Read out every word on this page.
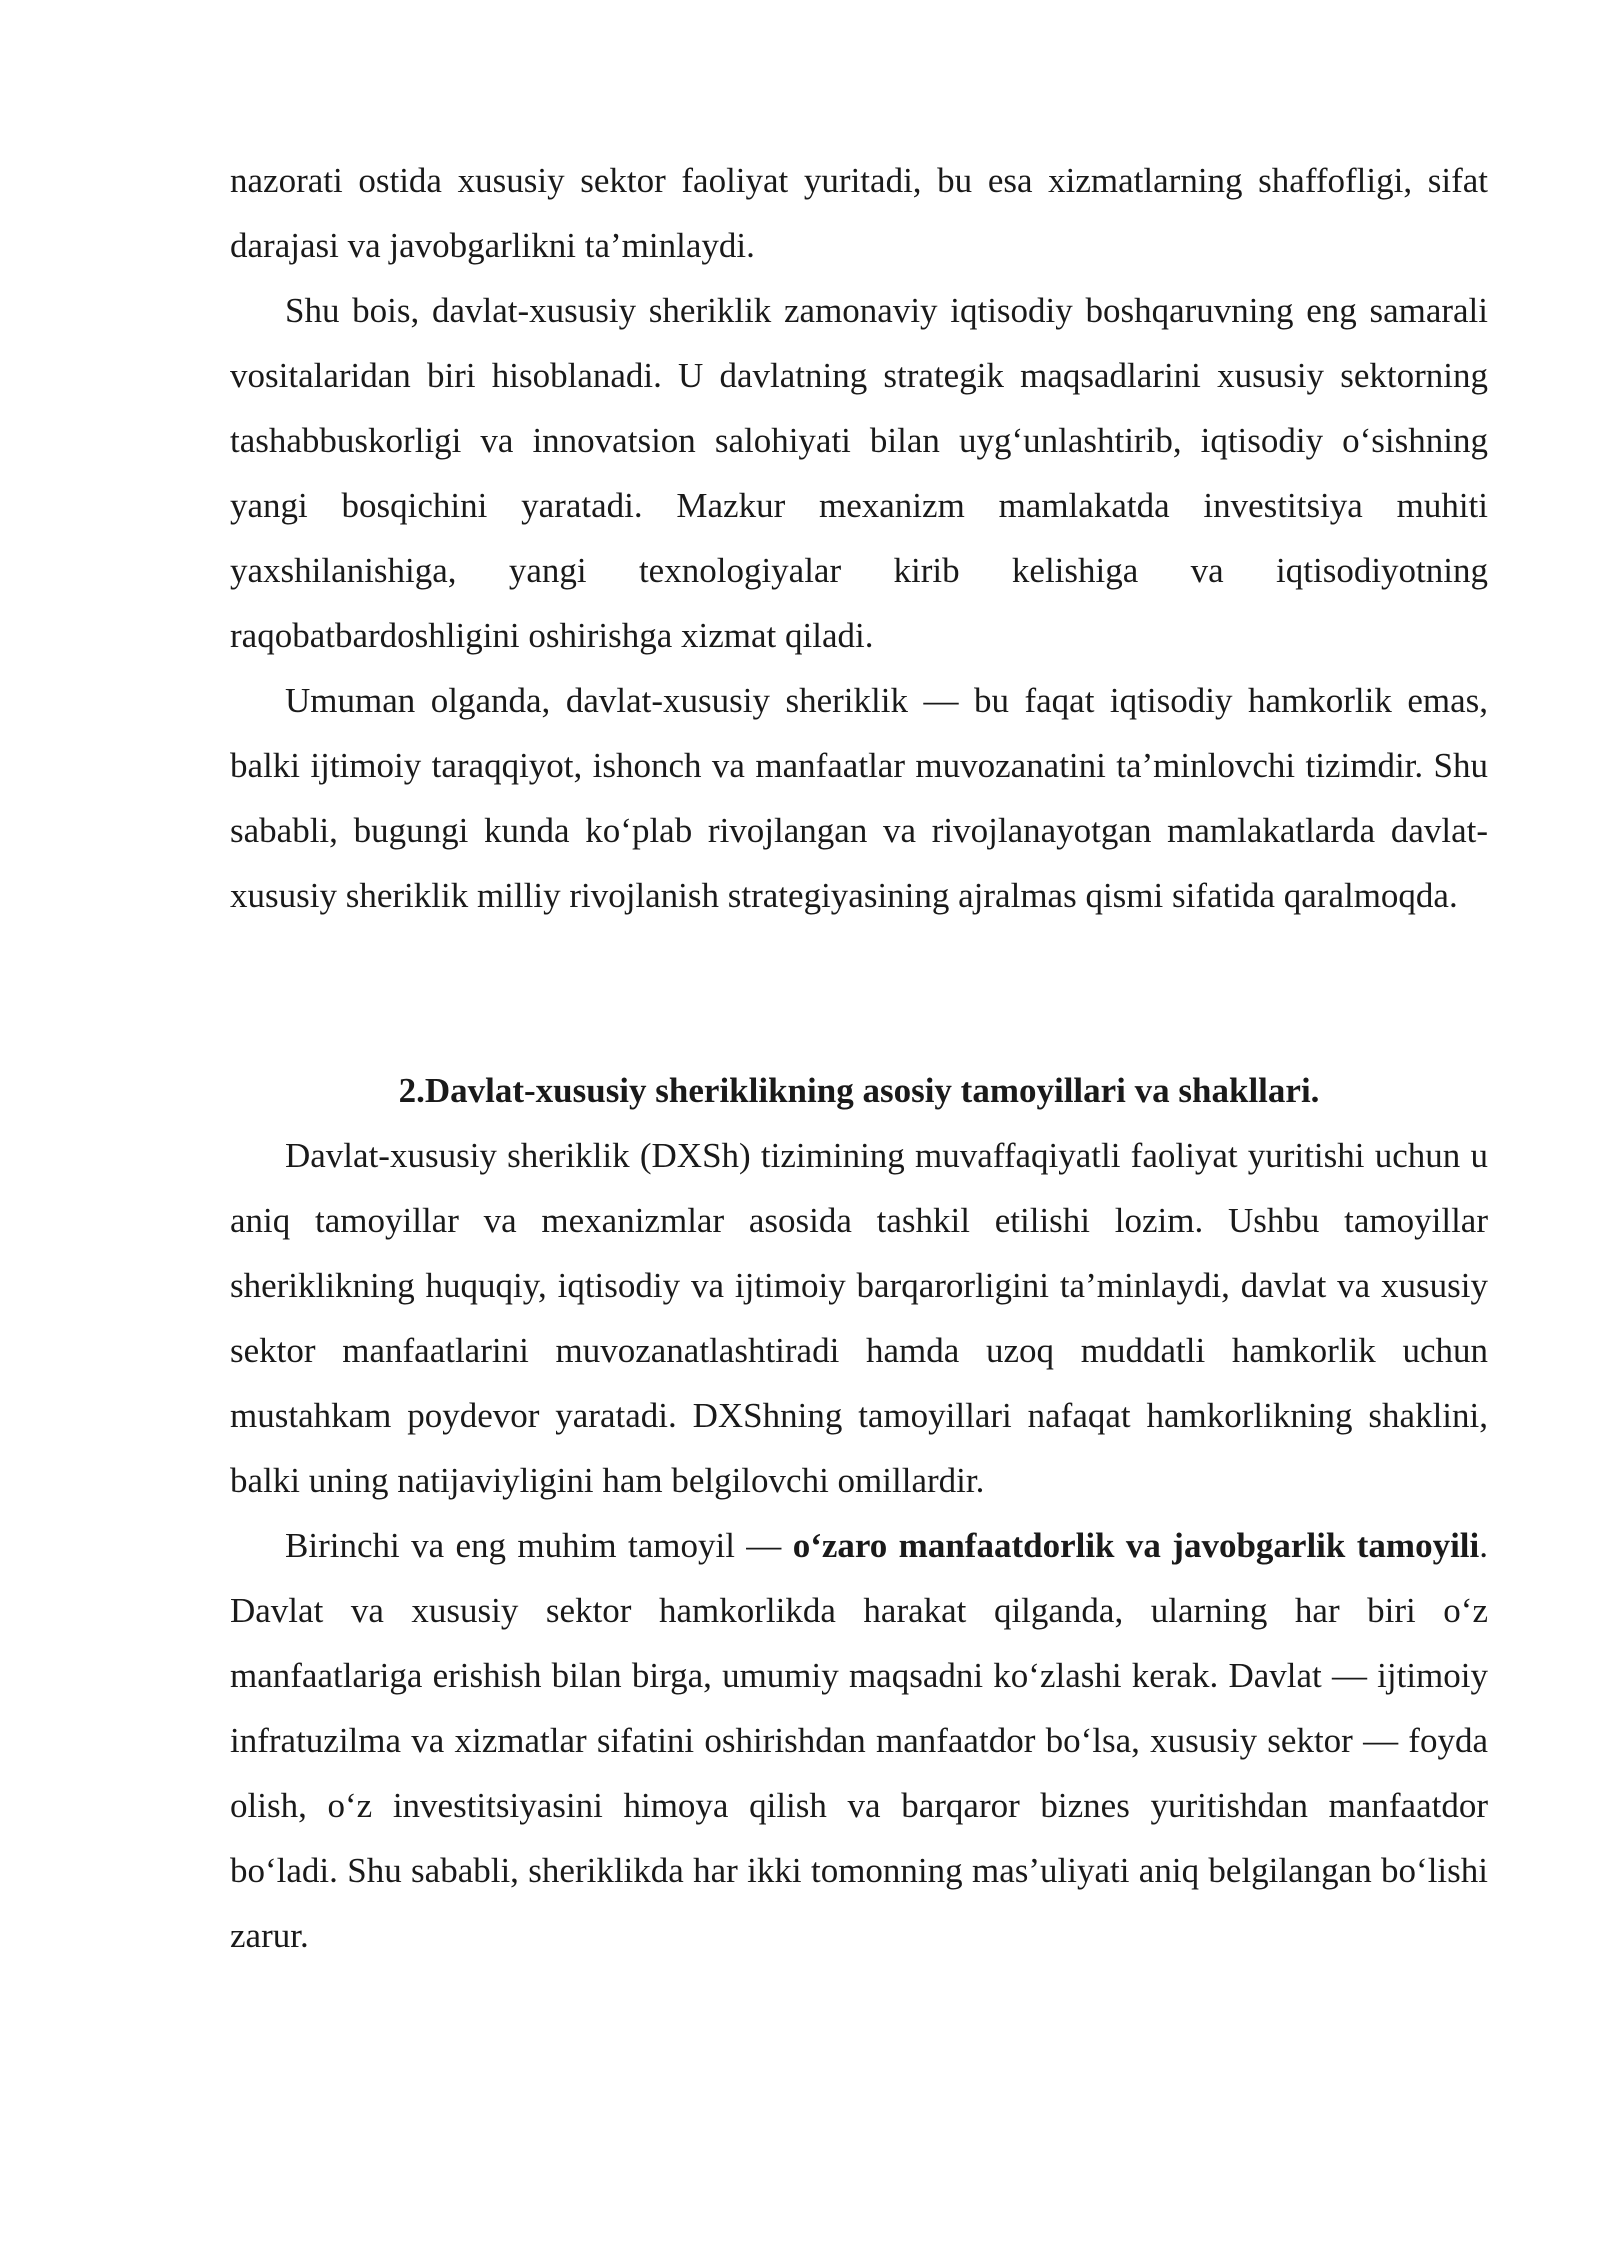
nazorati ostida xususiy sektor faoliyat yuritadi, bu esa xizmatlarning shaffofligi, sifat darajasi va javobgarlikni ta’minlaydi.

Shu bois, davlat-xususiy sheriklik zamonaviy iqtisodiy boshqaruvning eng samarali vositalaridan biri hisoblanadi. U davlatning strategik maqsadlarini xususiy sektorning tashabbuskorligi va innovatsion salohiyati bilan uyg‘unlashtirib, iqtisodiy o‘sishning yangi bosqichini yaratadi. Mazkur mexanizm mamlakatda investitsiya muhiti yaxshilanishiga, yangi texnologiyalar kirib kelishiga va iqtisodiyotning raqobatbardoshligini oshirishga xizmat qiladi.

Umuman olganda, davlat-xususiy sheriklik — bu faqat iqtisodiy hamkorlik emas, balki ijtimoiy taraqqiyot, ishonch va manfaatlar muvozanatini ta’minlovchi tizimdir. Shu sababli, bugungi kunda ko‘plab rivojlangan va rivojlanayotgan mamlakatlarda davlat-xususiy sheriklik milliy rivojlanish strategiyasining ajralmas qismi sifatida qaralmoqda.

2.Davlat-xususiy sheriklikning asosiy tamoyillari va shakllari.

Davlat-xususiy sheriklik (DXSh) tizimining muvaffaqiyatli faoliyat yuritishi uchun u aniq tamoyillar va mexanizmlar asosida tashkil etilishi lozim. Ushbu tamoyillar sheriklikning huquqiy, iqtisodiy va ijtimoiy barqarorligini ta’minlaydi, davlat va xususiy sektor manfaatlarini muvozanatlashtiradi hamda uzoq muddatli hamkorlik uchun mustahkam poydevor yaratadi. DXShning tamoyillari nafaqat hamkorlikning shaklini, balki uning natijaviyligini ham belgilovchi omillardir.

Birinchi va eng muhim tamoyil — o‘zaro manfaatdorlik va javobgarlik tamoyili. Davlat va xususiy sektor hamkorlikda harakat qilganda, ularning har biri o‘z manfaatlariga erishish bilan birga, umumiy maqsadni ko‘zlashi kerak. Davlat — ijtimoiy infratuzilma va xizmatlar sifatini oshirishdan manfaatdor bo‘lsa, xususiy sektor — foyda olish, o‘z investitsiyasini himoya qilish va barqaror biznes yuritishdan manfaatdor bo‘ladi. Shu sababli, sheriklikda har ikki tomonning mas’uliyati aniq belgilangan bo‘lishi zarur.
